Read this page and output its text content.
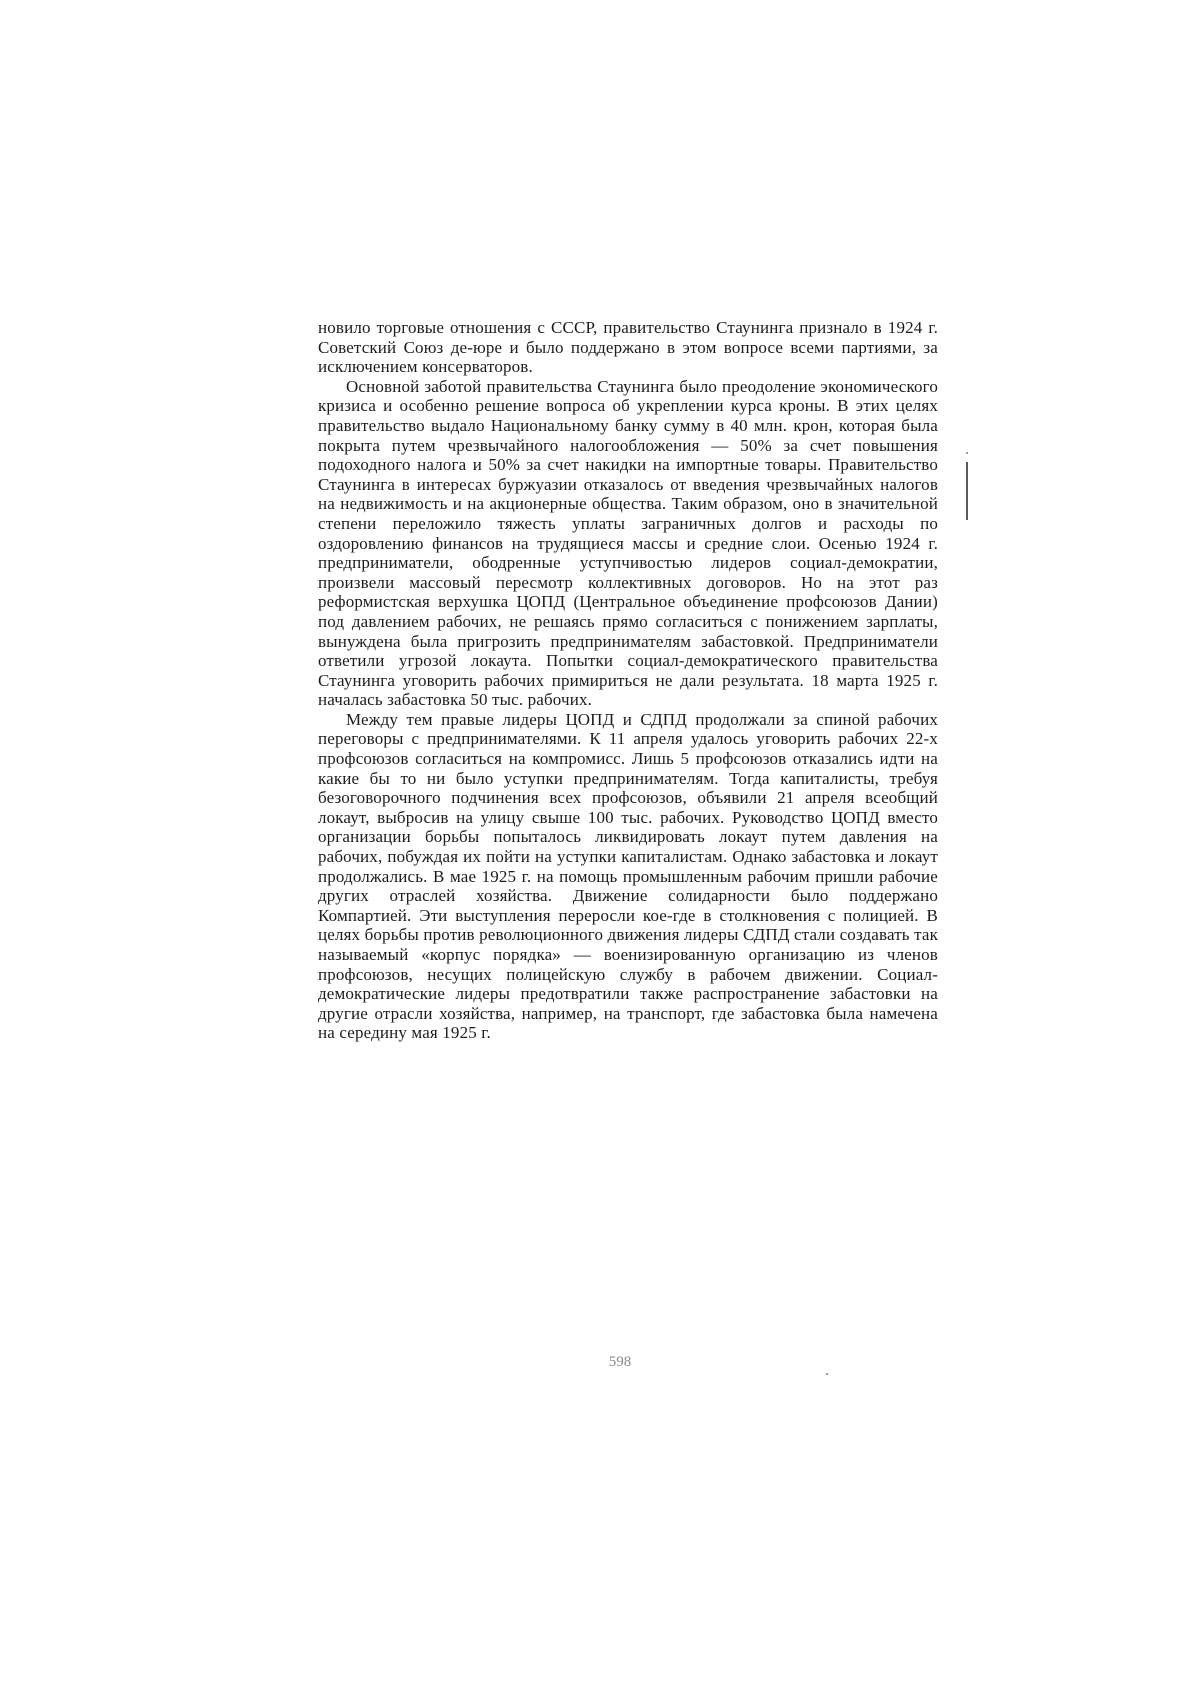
новило торговые отношения с СССР, правительство Стаунинга признало в 1924 г. Советский Союз де-юре и было поддержано в этом вопросе всеми партиями, за исключением консерваторов.

Основной заботой правительства Стаунинга было преодоление экономического кризиса и особенно решение вопроса об укреплении курса кроны. В этих целях правительство выдало Национальному банку сумму в 40 млн. крон, которая была покрыта путем чрезвычайного налогообложения — 50% за счет повышения подоходного налога и 50% за счет накидки на импортные товары. Правительство Стаунинга в интересах буржуазии отказалось от введения чрезвычайных налогов на недвижимость и на акционерные общества. Таким образом, оно в значительной степени переложило тяжесть уплаты заграничных долгов и расходы по оздоровлению финансов на трудящиеся массы и средние слои. Осенью 1924 г. предприниматели, ободренные уступчивостью лидеров социал-демократии, произвели массовый пересмотр коллективных договоров. Но на этот раз реформистская верхушка ЦОПД (Центральное объединение профсоюзов Дании) под давлением рабочих, не решаясь прямо согласиться с понижением зарплаты, вынуждена была пригрозить предпринимателям забастовкой. Предприниматели ответили угрозой локаута. Попытки социал-демократического правительства Стаунинга уговорить рабочих примириться не дали результата. 18 марта 1925 г. началась забастовка 50 тыс. рабочих.

Между тем правые лидеры ЦОПД и СДПД продолжали за спиной рабочих переговоры с предпринимателями. К 11 апреля удалось уговорить рабочих 22-х профсоюзов согласиться на компромисс. Лишь 5 профсоюзов отказались идти на какие бы то ни было уступки предпринимателям. Тогда капиталисты, требуя безоговорочного подчинения всех профсоюзов, объявили 21 апреля всеобщий локаут, выбросив на улицу свыше 100 тыс. рабочих. Руководство ЦОПД вместо организации борьбы попыталось ликвидировать локаут путем давления на рабочих, побуждая их пойти на уступки капиталистам. Однако забастовка и локаут продолжались. В мае 1925 г. на помощь промышленным рабочим пришли рабочие других отраслей хозяйства. Движение солидарности было поддержано Компартией. Эти выступления переросли кое-где в столкновения с полицией. В целях борьбы против революционного движения лидеры СДПД стали создавать так называемый «корпус порядка» — военизированную организацию из членов профсоюзов, несущих полицейскую службу в рабочем движении. Социал-демократические лидеры предотвратили также распространение забастовки на другие отрасли хозяйства, например, на транспорт, где забастовка была намечена на середину мая 1925 г.

598
